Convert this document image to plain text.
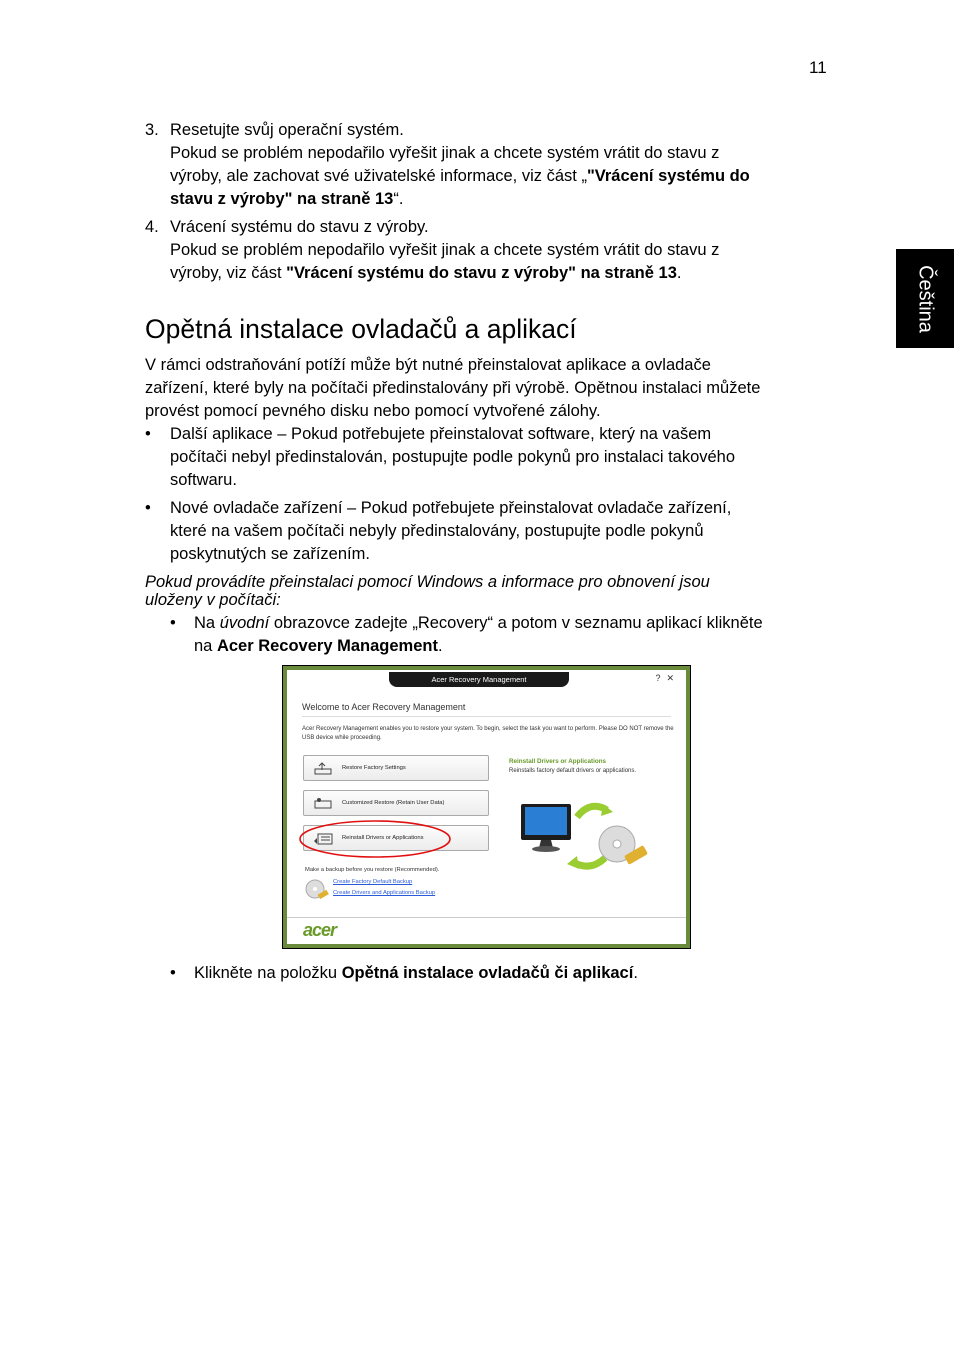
11
Čeština
3. Resetujte svůj operační systém.
Pokud se problém nepodařilo vyřešit jinak a chcete systém vrátit do stavu z
výroby, ale zachovat své uživatelské informace, viz část „"Vrácení systému do
stavu z výroby" na straně 13“.
4. Vrácení systému do stavu z výroby.
Pokud se problém nepodařilo vyřešit jinak a chcete systém vrátit do stavu z
výroby, viz část "Vrácení systému do stavu z výroby" na straně 13.
Opětná instalace ovladačů a aplikací
V rámci odstraňování potíží může být nutné přeinstalovat aplikace a ovladače
zařízení, které byly na počítači předinstalovány při výrobě. Opětnou instalaci můžete
provést pomocí pevného disku nebo pomocí vytvořené zálohy.
• Další aplikace – Pokud potřebujete přeinstalovat software, který na vašem
počítači nebyl předinstalován, postupujte podle pokynů pro instalaci takového
softwaru.
• Nové ovladače zařízení – Pokud potřebujete přeinstalovat ovladače zařízení,
které na vašem počítači nebyly předinstalovány, postupujte podle pokynů
poskytnutých se zařízením.
Pokud provádíte přeinstalaci pomocí Windows a informace pro obnovení jsou
uloženy v počítači:
• Na úvodní obrazovce zadejte „Recovery“ a potom v seznamu aplikací klikněte
na Acer Recovery Management.
Acer Recovery Management	?✕
Welcome to Acer Recovery Management
Acer Recovery Management enables you to restore your system. To begin, select the task you want to perform. Please DO NOT remove the USB device while proceeding.
Restore Factory Settings
Customized Restore (Retain User Data)
Reinstall Drivers or Applications
Reinstall Drivers or Applications
Reinstalls factory default drivers or applications.
Make a backup before you restore (Recommended).
Create Factory Default Backup
Create Drivers and Applications Backup
acer
• Klikněte na položku Opětná instalace ovladačů či aplikací.
